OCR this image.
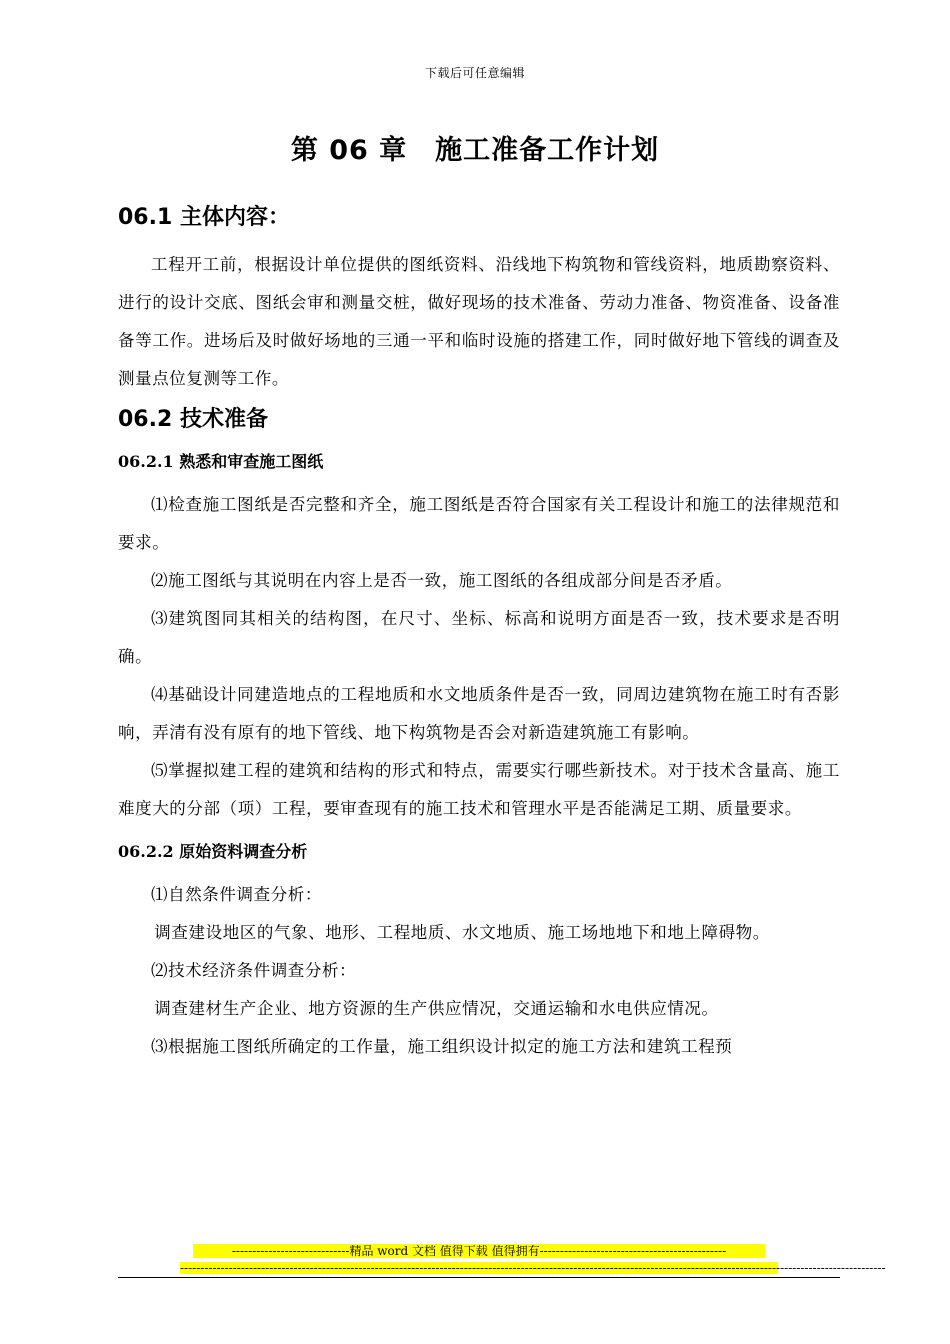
下载后可任意编辑
第 06 章　施工准备工作计划
06.1 主体内容：

工程开工前，根据设计单位提供的图纸资料、沿线地下构筑物和管线资料，地质勘察资料、进行的设计交底、图纸会审和测量交桩，做好现场的技术准备、劳动力准备、物资准备、设备准备等工作。进场后及时做好场地的三通一平和临时设施的搭建工作，同时做好地下管线的调查及测量点位复测等工作。

06.2 技术准备
06.2.1 熟悉和审查施工图纸

⑴检查施工图纸是否完整和齐全，施工图纸是否符合国家有关工程设计和施工的法律规范和要求。

⑵施工图纸与其说明在内容上是否一致，施工图纸的各组成部分间是否矛盾。

⑶建筑图同其相关的结构图，在尺寸、坐标、标高和说明方面是否一致，技术要求是否明确。

⑷基础设计同建造地点的工程地质和水文地质条件是否一致，同周边建筑物在施工时有否影响，弄清有没有原有的地下管线、地下构筑物是否会对新造建筑施工有影响。

⑸掌握拟建工程的建筑和结构的形式和特点，需要实行哪些新技术。对于技术含量高、施工难度大的分部（项）工程，要审查现有的施工技术和管理水平是否能满足工期、质量要求。

06.2.2 原始资料调查分析

⑴自然条件调查分析：

调查建设地区的气象、地形、工程地质、水文地质、施工场地地下和地上障碍物。

⑵技术经济条件调查分析：

调查建材生产企业、地方资源的生产供应情况，交通运输和水电供应情况。

⑶根据施工图纸所确定的工作量，施工组织设计拟定的施工方法和建筑工程预

-----------------------------精品 word 文档 值得下载 值得拥有----------------------------------------------
------------------------------------------------------------------------------------------------------------------------------------------------------------------------------
